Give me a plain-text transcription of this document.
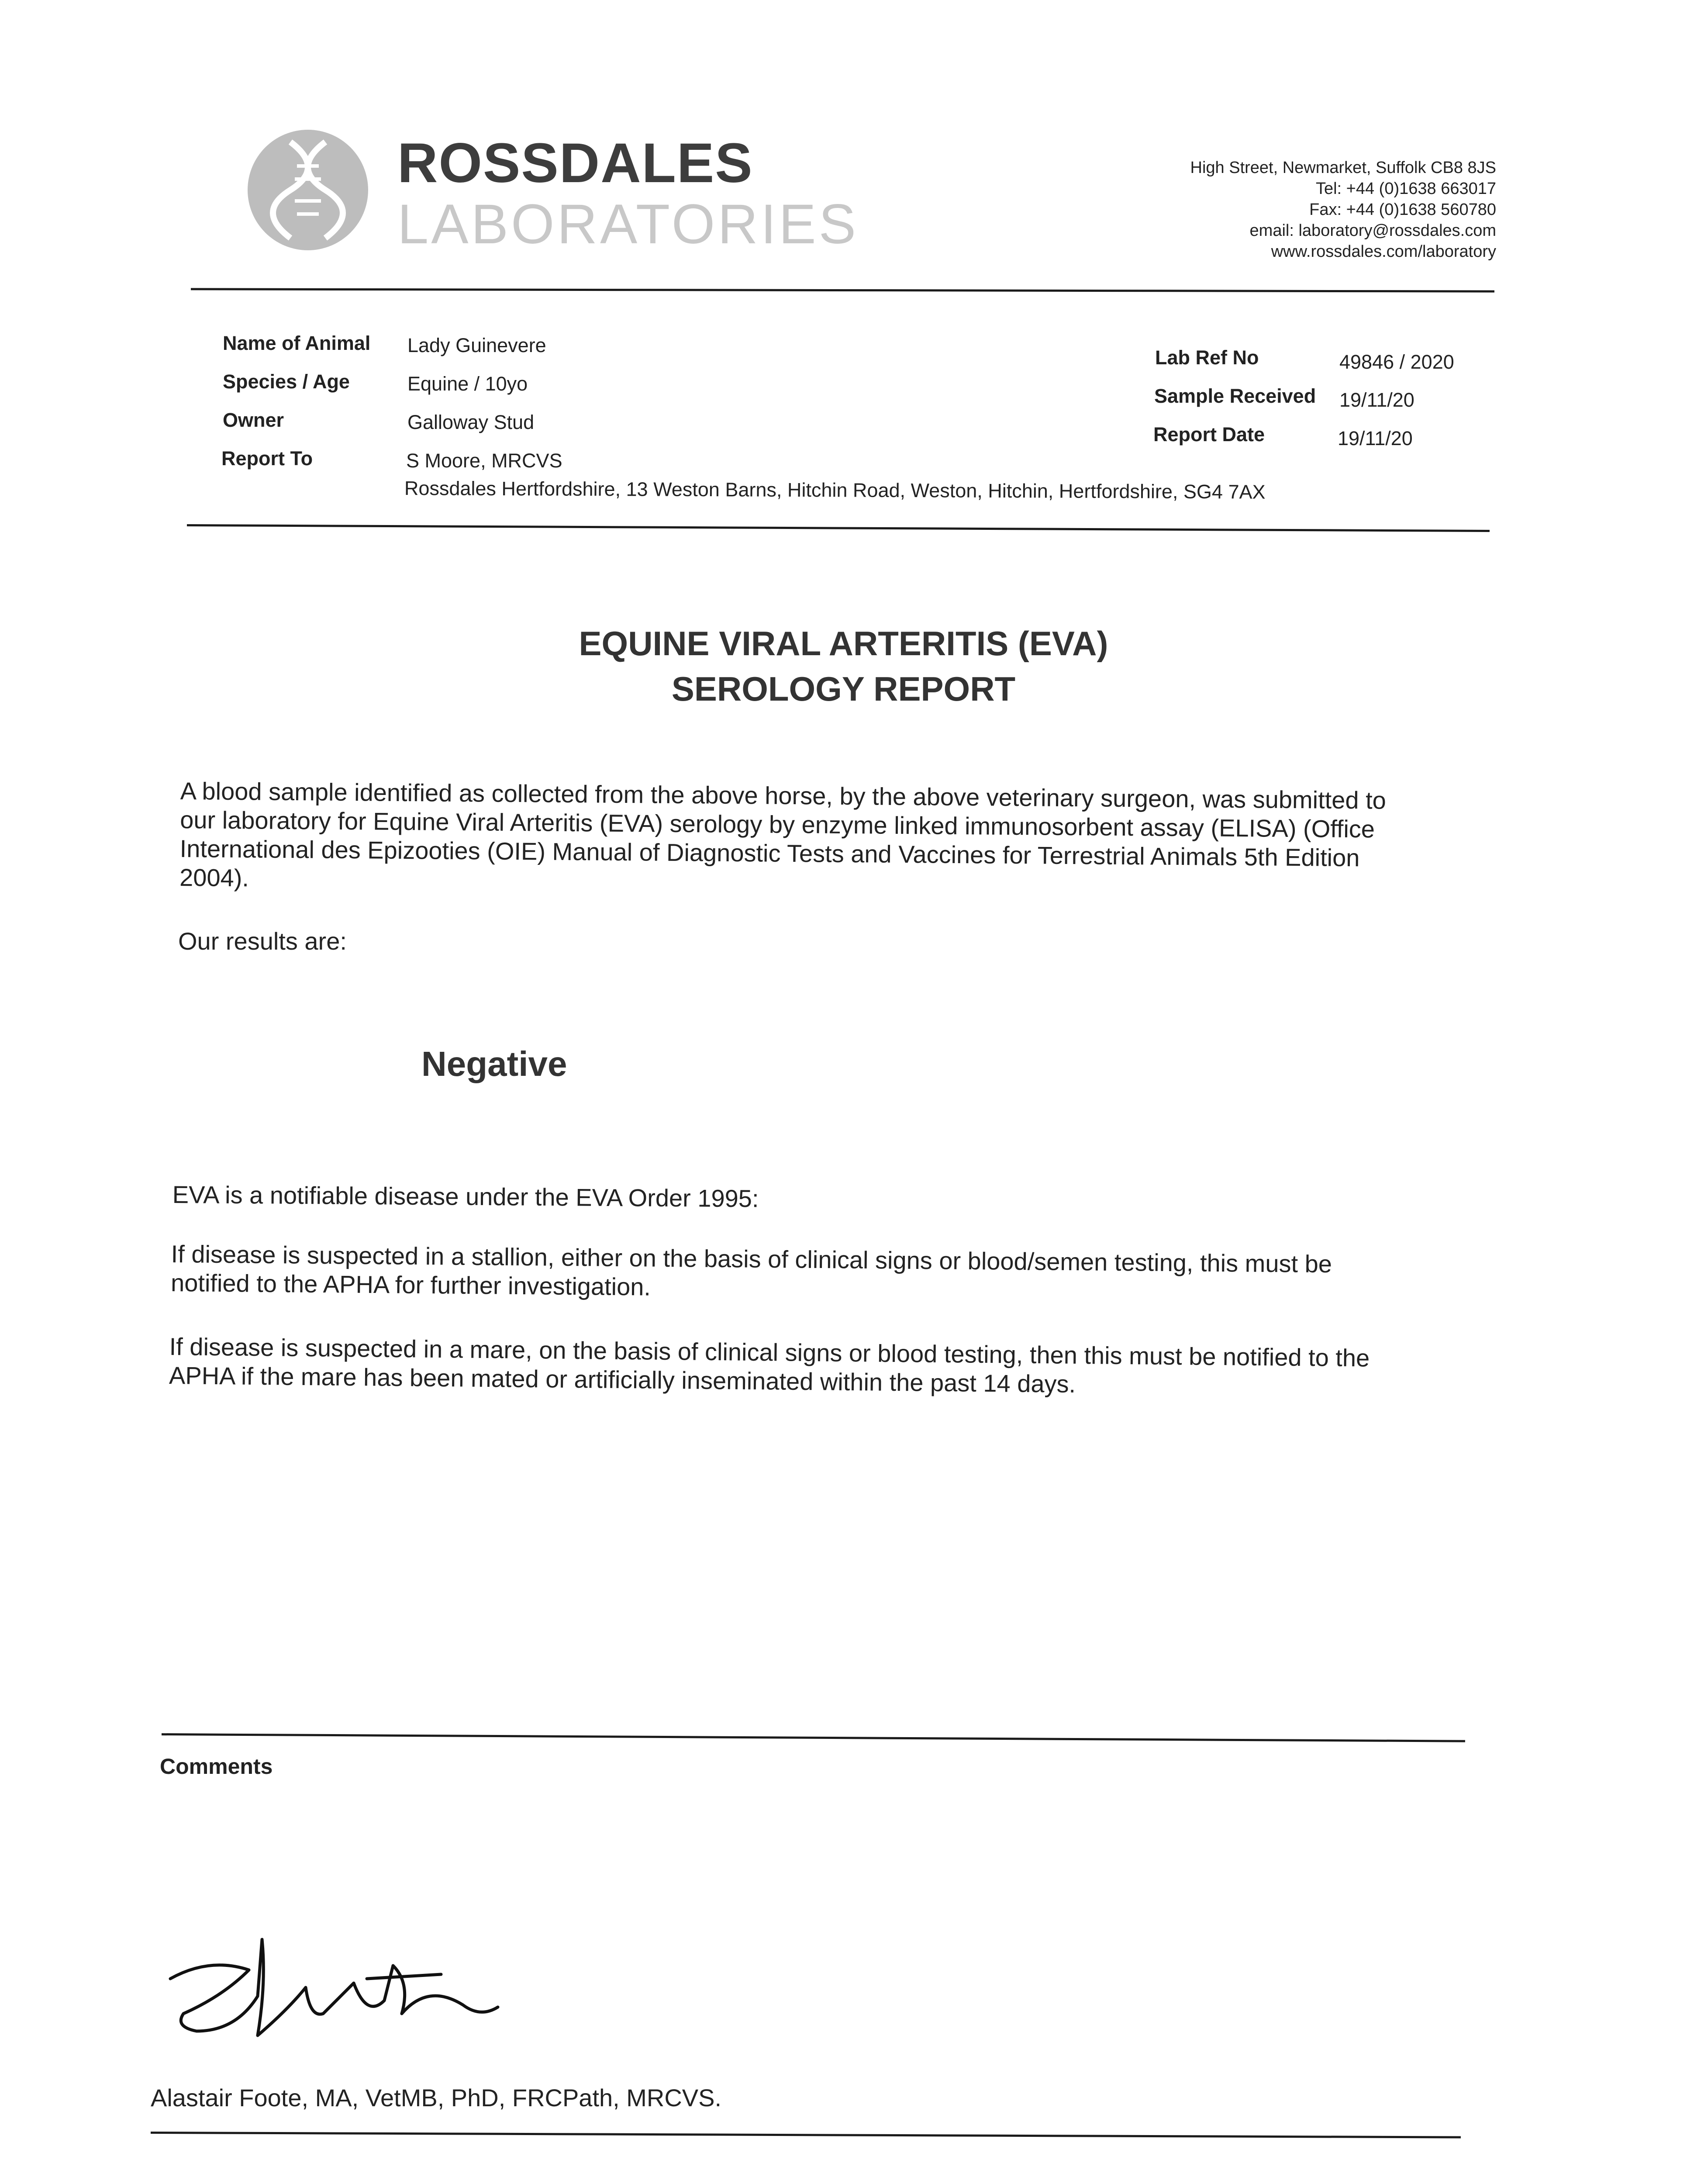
ROSSDALES
LABORATORIES
High Street, Newmarket, Suffolk CB8 8JS
Tel: +44 (0)1638 663017
Fax: +44 (0)1638 560780
email: laboratory@rossdales.com
www.rossdales.com/laboratory
Name of Animal Lady Guinevere
Species / Age	Equine / 10yo
Owner	Galloway Stud
Report To	S Moore, MRCVS
Rossdales Hertfordshire, 13 Weston Barns, Hitchin Road, Weston, Hitchin, Hertfordshire, SG4 7AX
Lab Ref No	49846 / 2020
Sample Received 19/11/20
Report Date	19/11/20
EQUINE VIRAL ARTERITIS (EVA)
SEROLOGY REPORT
A blood sample identified as collected from the above horse, by the above veterinary surgeon, was submitted to
our laboratory for Equine Viral Arteritis (EVA) serology by enzyme linked immunosorbent assay (ELISA) (Office
International des Epizooties (OIE) Manual of Diagnostic Tests and Vaccines for Terrestrial Animals 5th Edition
2004).
Our results are:
Negative
EVA is a notifiable disease under the EVA Order 1995:
If disease is suspected in a stallion, either on the basis of clinical signs or blood/semen testing, this must be
notified to the APHA for further investigation.
If disease is suspected in a mare, on the basis of clinical signs or blood testing, then this must be notified to the
APHA if the mare has been mated or artificially inseminated within the past 14 days.
Comments
Alastair Foote, MA, VetMB, PhD, FRCPath, MRCVS.
